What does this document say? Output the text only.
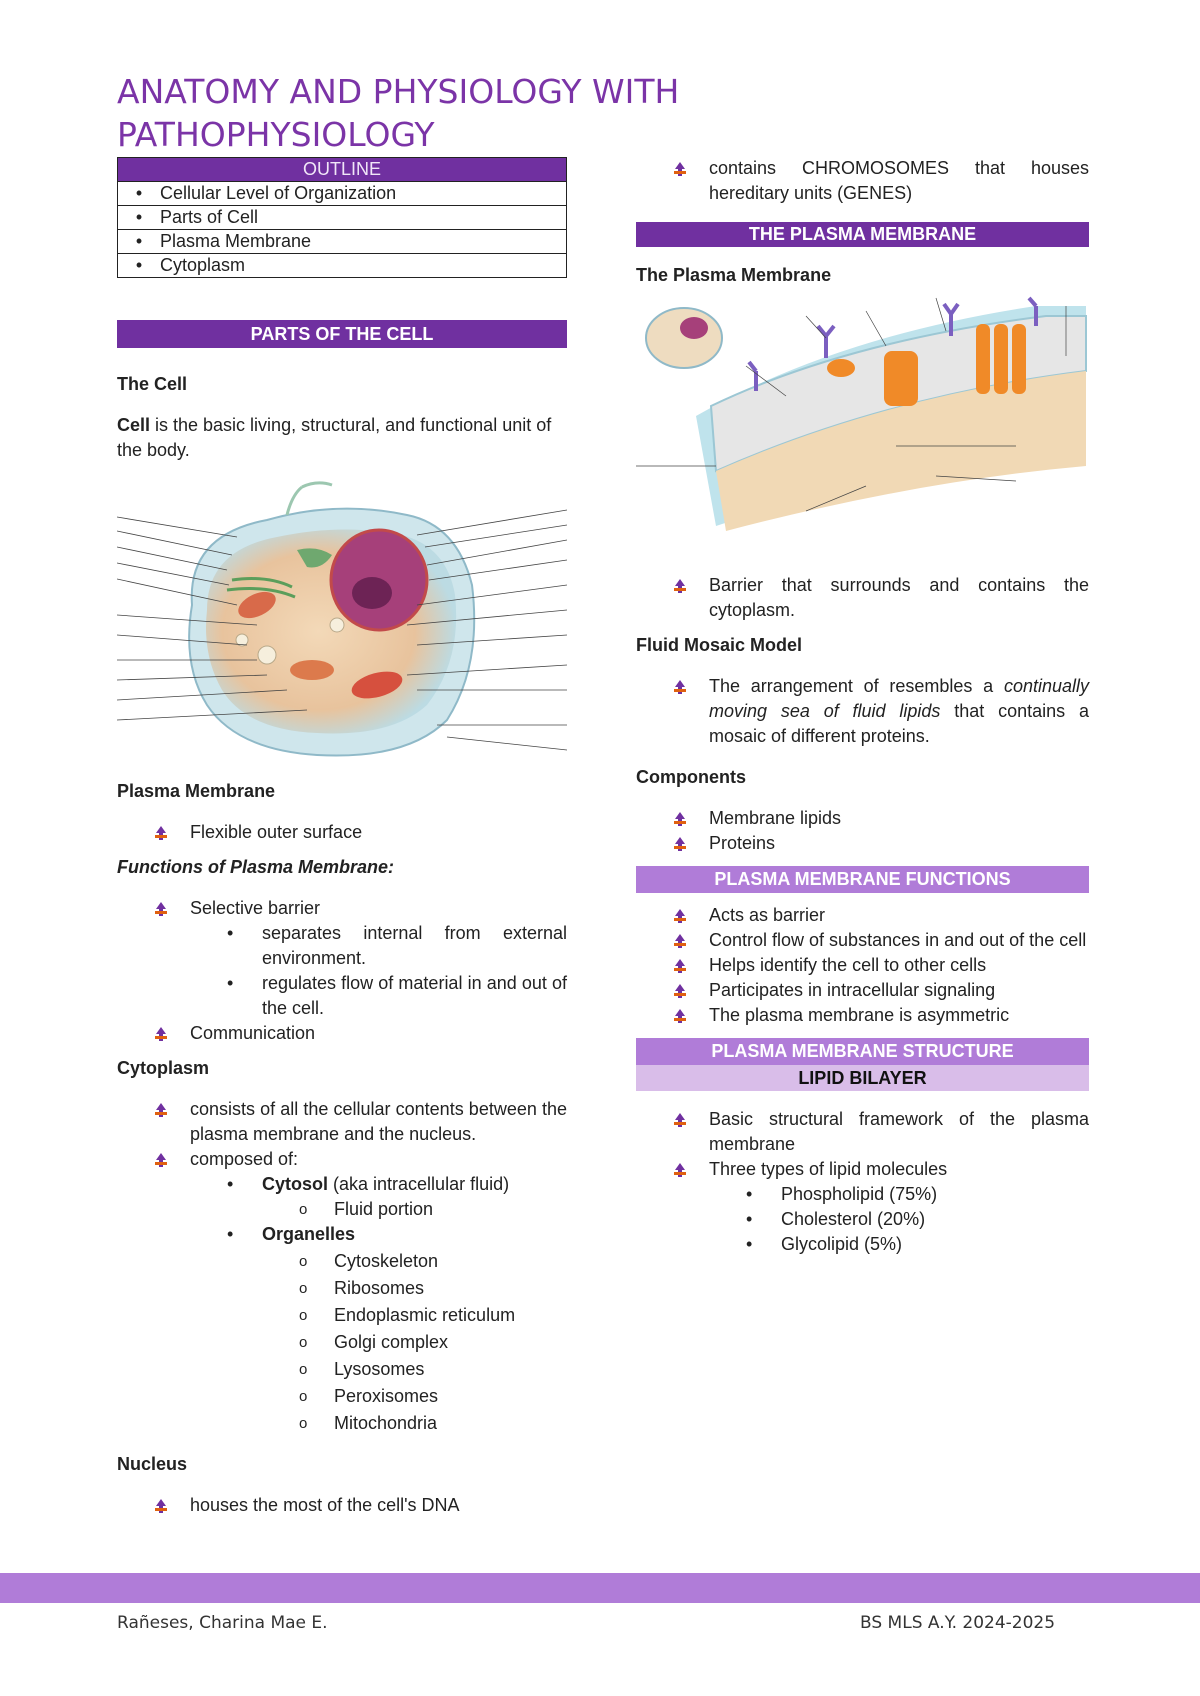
ANATOMY AND PHYSIOLOGY WITH PATHOPHYSIOLOGY
OUTLINE
• Cellular Level of Organization
• Parts of Cell
• Plasma Membrane
• Cytoplasm
PARTS OF THE CELL
The Cell
Cell is the basic living, structural, and functional unit of the body.
Plasma Membrane
Flexible outer surface
Functions of Plasma Membrane:
Selective barrier
• separates internal from external environment.
• regulates flow of material in and out of the cell.
Communication
Cytoplasm
consists of all the cellular contents between the plasma membrane and the nucleus.
composed of:
• Cytosol (aka intracellular fluid)
o Fluid portion
• Organelles
o Cytoskeleton
o Ribosomes
o Endoplasmic reticulum
o Golgi complex
o Lysosomes
o Peroxisomes
o Mitochondria
Nucleus
houses the most of the cell's DNA
contains CHROMOSOMES that houses hereditary units (GENES)
THE PLASMA MEMBRANE
The Plasma Membrane
Barrier that surrounds and contains the cytoplasm.
Fluid Mosaic Model
The arrangement of resembles a continually moving sea of fluid lipids that contains a mosaic of different proteins.
Components
Membrane lipids
Proteins
PLASMA MEMBRANE FUNCTIONS
Acts as barrier
Control flow of substances in and out of the cell
Helps identify the cell to other cells
Participates in intracellular signaling
The plasma membrane is asymmetric
PLASMA MEMBRANE STRUCTURE
LIPID BILAYER
Basic structural framework of the plasma membrane
Three types of lipid molecules
• Phospholipid (75%)
• Cholesterol (20%)
• Glycolipid (5%)
Rañeses, Charina Mae E.	BS MLS A.Y. 2024-2025
